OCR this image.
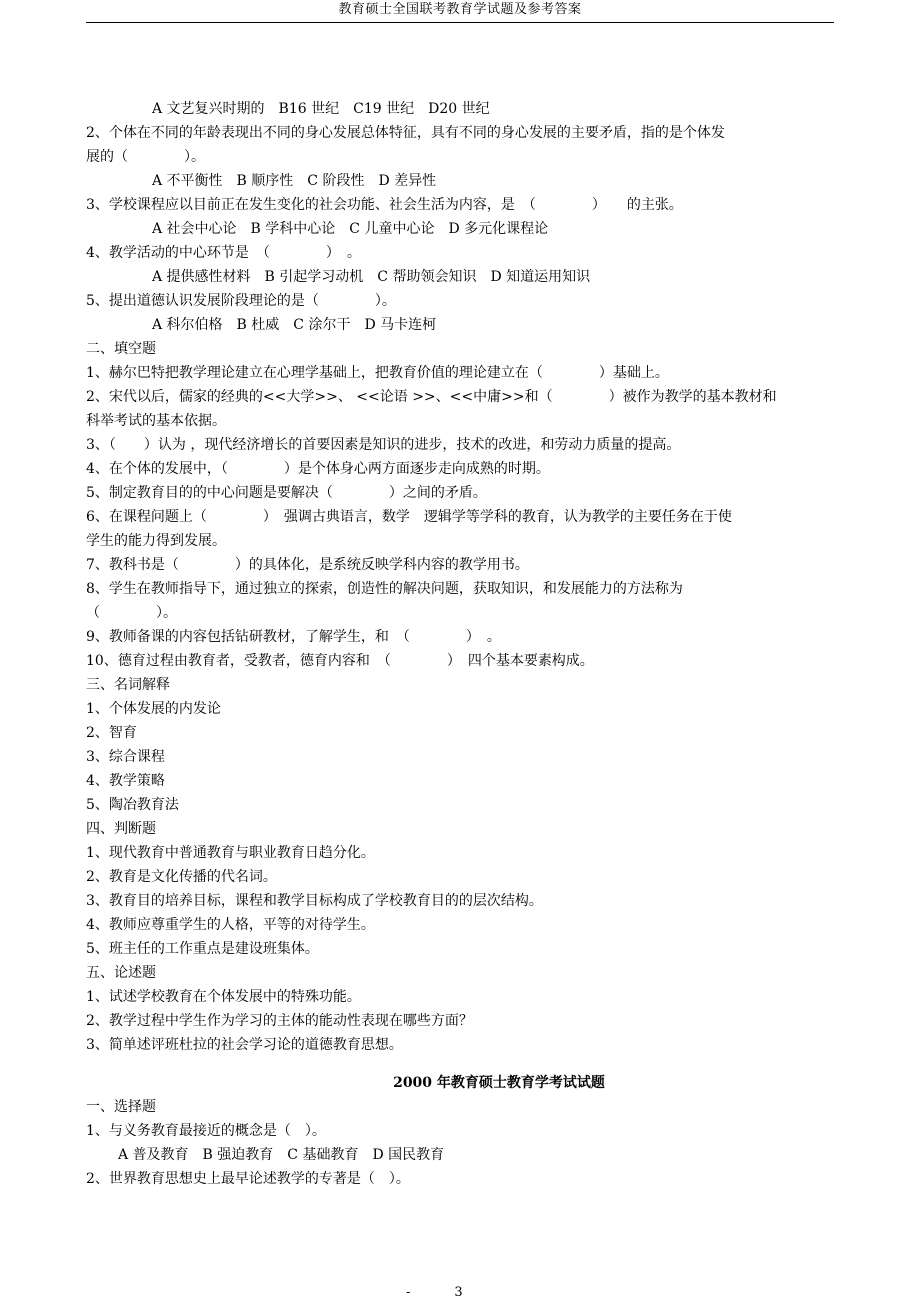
教育硕士全国联考教育学试题及参考答案
A 文艺复兴时期的　B16 世纪　C19 世纪　D20 世纪
2、个体在不同的年龄表现出不同的身心发展总体特征，具有不同的身心发展的主要矛盾，指的是个体发
展的（　　　　）。
A 不平衡性　B 顺序性　C 阶段性　D 差异性
3、学校课程应以目前正在发生变化的社会功能、社会生活为内容，是　（　　　　）　　的主张。
A 社会中心论　B 学科中心论　C 儿童中心论　D 多元化课程论
4、教学活动的中心环节是　（　　　　）　。
A 提供感性材料　B 引起学习动机　C 帮助领会知识　D 知道运用知识
5、提出道德认识发展阶段理论的是（　　　　）。
A 科尔伯格　B 杜威　C 涂尔干　D 马卡连柯
二、填空题
1、赫尔巴特把教学理论建立在心理学基础上，把教育价值的理论建立在（　　　　）基础上。
2、宋代以后，儒家的经典的<<大学>>、 <<论语 >>、<<中庸>>和（　　　　）被作为教学的基本教材和
科举考试的基本依据。
3、（　　）认为 ，现代经济增长的首要因素是知识的进步，技术的改进，和劳动力质量的提高。
4、在个体的发展中，（　　　　）是个体身心两方面逐步走向成熟的时期。
5、制定教育目的的中心问题是要解决（　　　　）之间的矛盾。
6、在课程问题上（　　　　）　强调古典语言，数学　逻辑学等学科的教育，认为教学的主要任务在于使
学生的能力得到发展。
7、教科书是（　　　　）的具体化，是系统反映学科内容的教学用书。
8、学生在教师指导下，通过独立的探索，创造性的解决问题，获取知识，和发展能力的方法称为
（　　　　）。
9、教师备课的内容包括钻研教材，了解学生，和　（　　　　）　。
10、德育过程由教育者，受教者，德育内容和　（　　　　）　四个基本要素构成。
三、名词解释
1、个体发展的内发论
2、智育
3、综合课程
4、教学策略
5、陶冶教育法
四、判断题
1、现代教育中普通教育与职业教育日趋分化。
2、教育是文化传播的代名词。
3、教育目的培养目标，课程和教学目标构成了学校教育目的的层次结构。
4、教师应尊重学生的人格，平等的对待学生。
5、班主任的工作重点是建设班集体。
五、论述题
1、试述学校教育在个体发展中的特殊功能。
2、教学过程中学生作为学习的主体的能动性表现在哪些方面？
3、简单述评班杜拉的社会学习论的道德教育思想。
2000 年教育硕士教育学考试试题
一、选择题
1、与义务教育最接近的概念是（　）。
A 普及教育　B 强迫教育　C 基础教育　D 国民教育
2、世界教育思想史上最早论述教学的专著是（　）。
-	3
